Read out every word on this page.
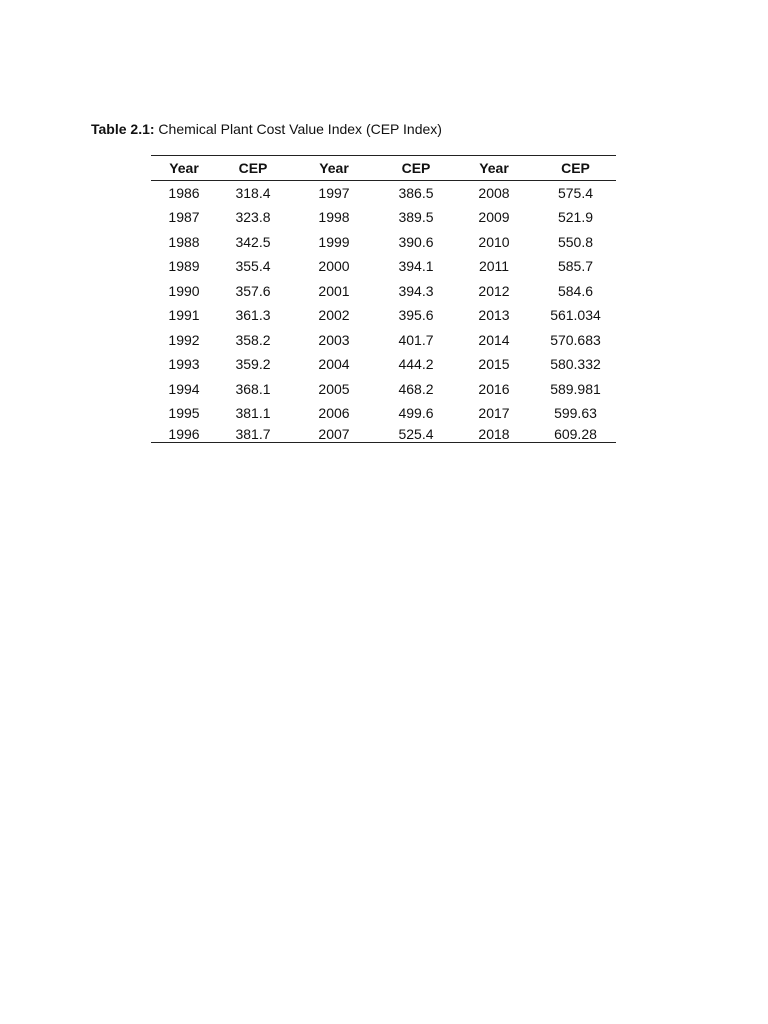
Table 2.1: Chemical Plant Cost Value Index (CEP Index)
Year	CEP	Year	CEP	Year	CEP
1986	318.4	1997	386.5	2008	575.4
1987	323.8	1998	389.5	2009	521.9
1988	342.5	1999	390.6	2010	550.8
1989	355.4	2000	394.1	2011	585.7
1990	357.6	2001	394.3	2012	584.6
1991	361.3	2002	395.6	2013	561.034
1992	358.2	2003	401.7	2014	570.683
1993	359.2	2004	444.2	2015	580.332
1994	368.1	2005	468.2	2016	589.981
1995	381.1	2006	499.6	2017	599.63
1996	381.7	2007	525.4	2018	609.28
